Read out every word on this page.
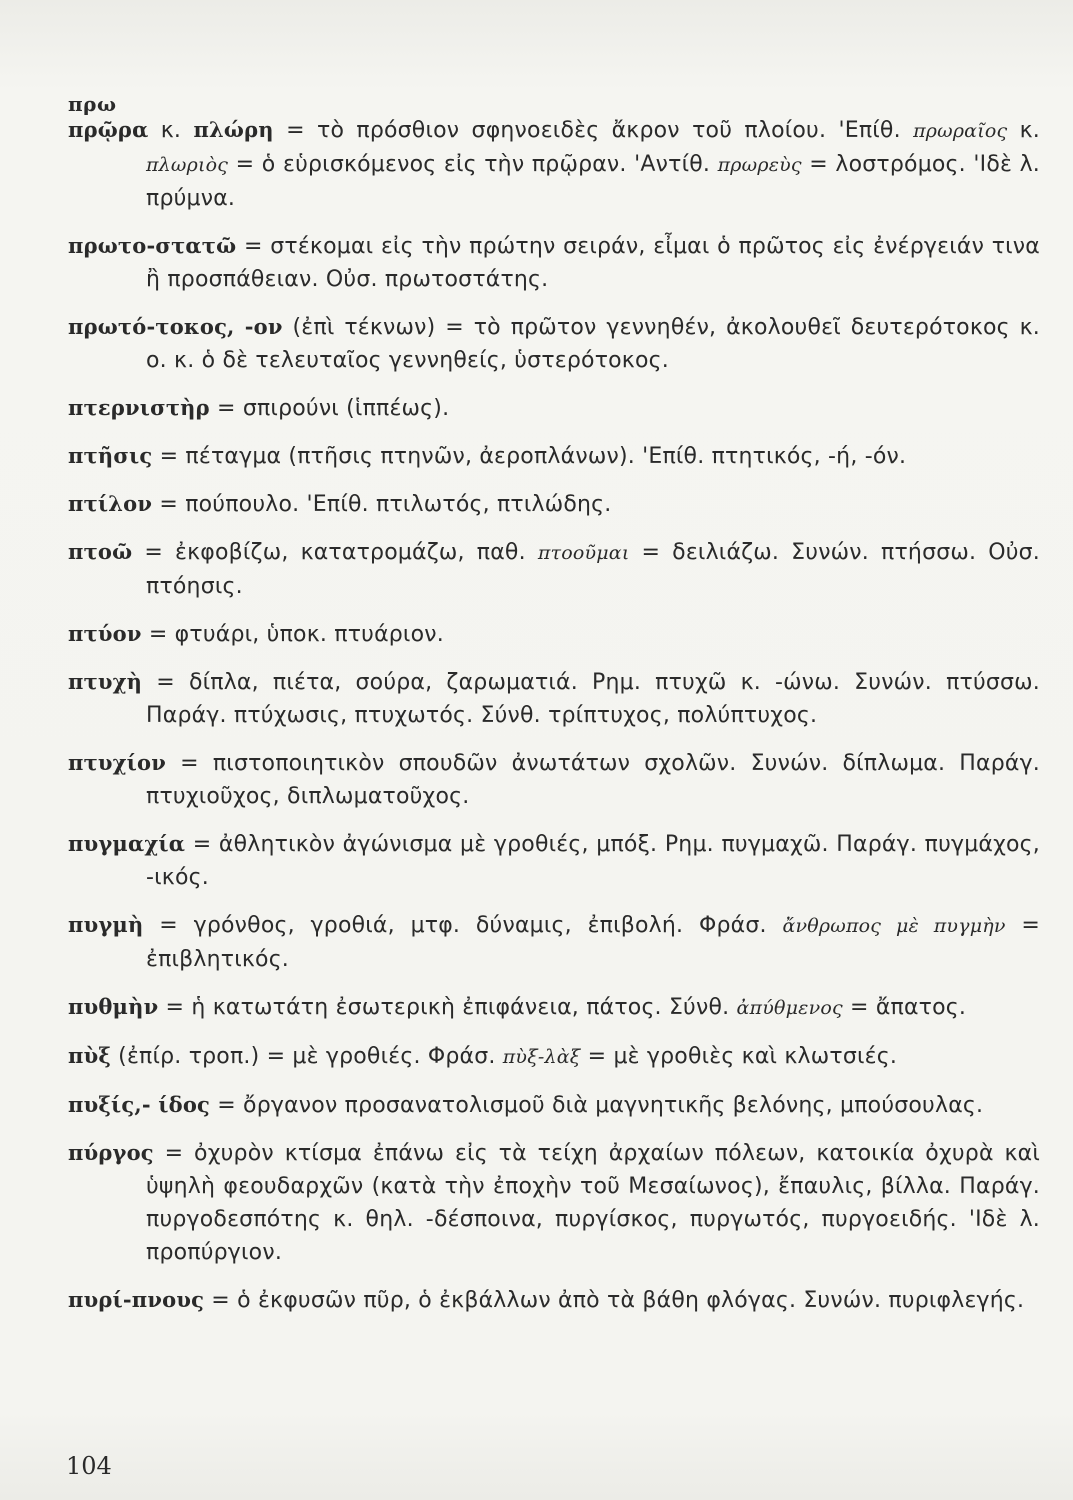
πρω
πρῷρα κ. πλώρη = τὸ πρόσθιον σφηνοειδὲς ἄκρον τοῦ πλοίου. 'Επίθ. πρωραῖος κ. πλωριὸς = ὁ εὑρισκόμενος εἰς τὴν πρῷραν. 'Αντίθ. πρωρεὺς = λοστρόμος. 'Ιδὲ λ. πρύμνα.
πρωτο-στατῶ = στέκομαι εἰς τὴν πρώτην σειράν, εἶμαι ὁ πρῶτος εἰς ἐνέργειάν τινα ἢ προσπάθειαν. Οὐσ. πρωτοστάτης.
πρωτό-τοκος, -ον (ἐπὶ τέκνων) = τὸ πρῶτον γεννηθέν, ἀκολουθεῖ δευτερότοκος κ. ο. κ. ὁ δὲ τελευταῖος γεννηθείς, ὑστερότοκος.
πτερνιστὴρ = σπιρούνι (ἱππέως).
πτῆσις = πέταγμα (πτῆσις πτηνῶν, ἀεροπλάνων). 'Επίθ. πτητικός, -ή, -όν.
πτίλον = πούπουλο. 'Επίθ. πτιλωτός, πτιλώδης.
πτοῶ = ἐκφοβίζω, κατατρομάζω, παθ. πτοοῦμαι = δειλιάζω. Συνών. πτήσσω. Οὐσ. πτόησις.
πτύον = φτυάρι, ὑποκ. πτυάριον.
πτυχὴ = δίπλα, πιέτα, σούρα, ζαρωματιά. Ρημ. πτυχῶ κ. -ώνω. Συνών. πτύσσω. Παράγ. πτύχωσις, πτυχωτός. Σύνθ. τρίπτυχος, πολύπτυχος.
πτυχίον = πιστοποιητικὸν σπουδῶν ἀνωτάτων σχολῶν. Συνών. δίπλωμα. Παράγ. πτυχιοῦχος, διπλωματοῦχος.
πυγμαχία = ἀθλητικὸν ἀγώνισμα μὲ γροθιές, μπόξ. Ρημ. πυγμαχῶ. Παράγ. πυγμάχος, -ικός.
πυγμὴ = γρόνθος, γροθιά, μτφ. δύναμις, ἐπιβολή. Φράσ. ἄνθρωπος μὲ πυγμὴν = ἐπιβλητικός.
πυθμὴν = ἡ κατωτάτη ἐσωτερικὴ ἐπιφάνεια, πάτος. Σύνθ. ἀπύθμενος = ἄπατος.
πὺξ (ἐπίρ. τροπ.) = μὲ γροθιές. Φράσ. πὺξ-λὰξ = μὲ γροθιὲς καὶ κλωτσιές.
πυξίς,- ίδος = ὄργανον προσανατολισμοῦ διὰ μαγνητικῆς βελόνης, μπούσουλας.
πύργος = ὀχυρὸν κτίσμα ἐπάνω εἰς τὰ τείχη ἀρχαίων πόλεων, κατοικία ὀχυρὰ καὶ ὑψηλὴ φεουδαρχῶν (κατὰ τὴν ἐποχὴν τοῦ Μεσαίωνος), ἔπαυλις, βίλλα. Παράγ. πυργοδεσπότης κ. θηλ. -δέσποινα, πυργίσκος, πυργωτός, πυργοειδής. 'Ιδὲ λ. προπύργιον.
πυρί-πνους = ὁ ἐκφυσῶν πῦρ, ὁ ἐκβάλλων ἀπὸ τὰ βάθη φλόγας. Συνών. πυριφλεγής.
104
